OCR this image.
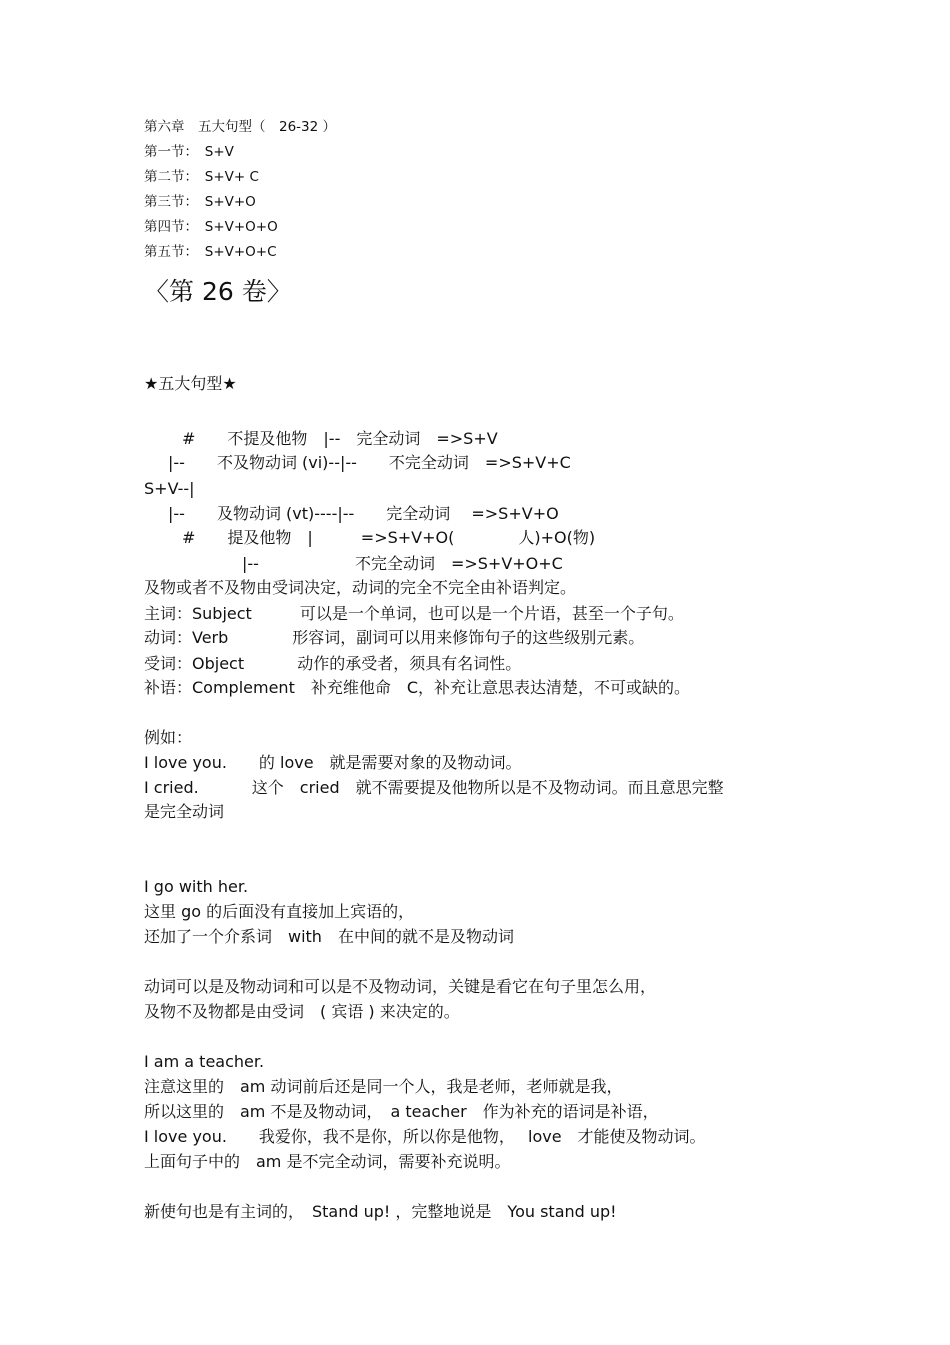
第六章　五大句型（　26-32 ）
第一节：　S+V
第二节：　S+V+ C
第三节：　S+V+O
第四节：　S+V+O+O
第五节：　S+V+O+C
〈第 26 卷〉
★五大句型★
#　　不提及他物　|--　完全动词　=>S+V
|--　　不及物动词 (vi)--|--　　不完全动词　=>S+V+C
S+V--|
|--　　及物动词 (vt)----|--　　完全动词　 =>S+V+O
#　　提及他物　|　　　=>S+V+O(　　　　人)+O(物)
|--　　　　　　不完全动词　=>S+V+O+C
及物或者不及物由受词决定，动词的完全不完全由补语判定。
主词：Subject　　　可以是一个单词，也可以是一个片语，甚至一个子句。
动词：Verb　　　　形容词，副词可以用来修饰句子的这些级别元素。
受词：Object　　　 动作的承受者，须具有名词性。
补语：Complement　补充维他命　C，补充让意思表达清楚，不可或缺的。
例如：
I love you.　　的 love　就是需要对象的及物动词。
I cried.　　　 这个　cried　就不需要提及他物所以是不及物动词。而且意思完整
是完全动词
I go with her.
这里 go 的后面没有直接加上宾语的，
还加了一个介系词　with　在中间的就不是及物动词
动词可以是及物动词和可以是不及物动词，关键是看它在句子里怎么用，
及物不及物都是由受词　( 宾语 ) 来决定的。
I am a teacher.
注意这里的　am 动词前后还是同一个人，我是老师，老师就是我，
所以这里的　am 不是及物动词，　a teacher　作为补充的语词是补语，
I love you.　　我爱你，我不是你，所以你是他物，　 love　才能使及物动词。
上面句子中的　am 是不完全动词，需要补充说明。
新使句也是有主词的，　Stand up! ，完整地说是　You stand up!
